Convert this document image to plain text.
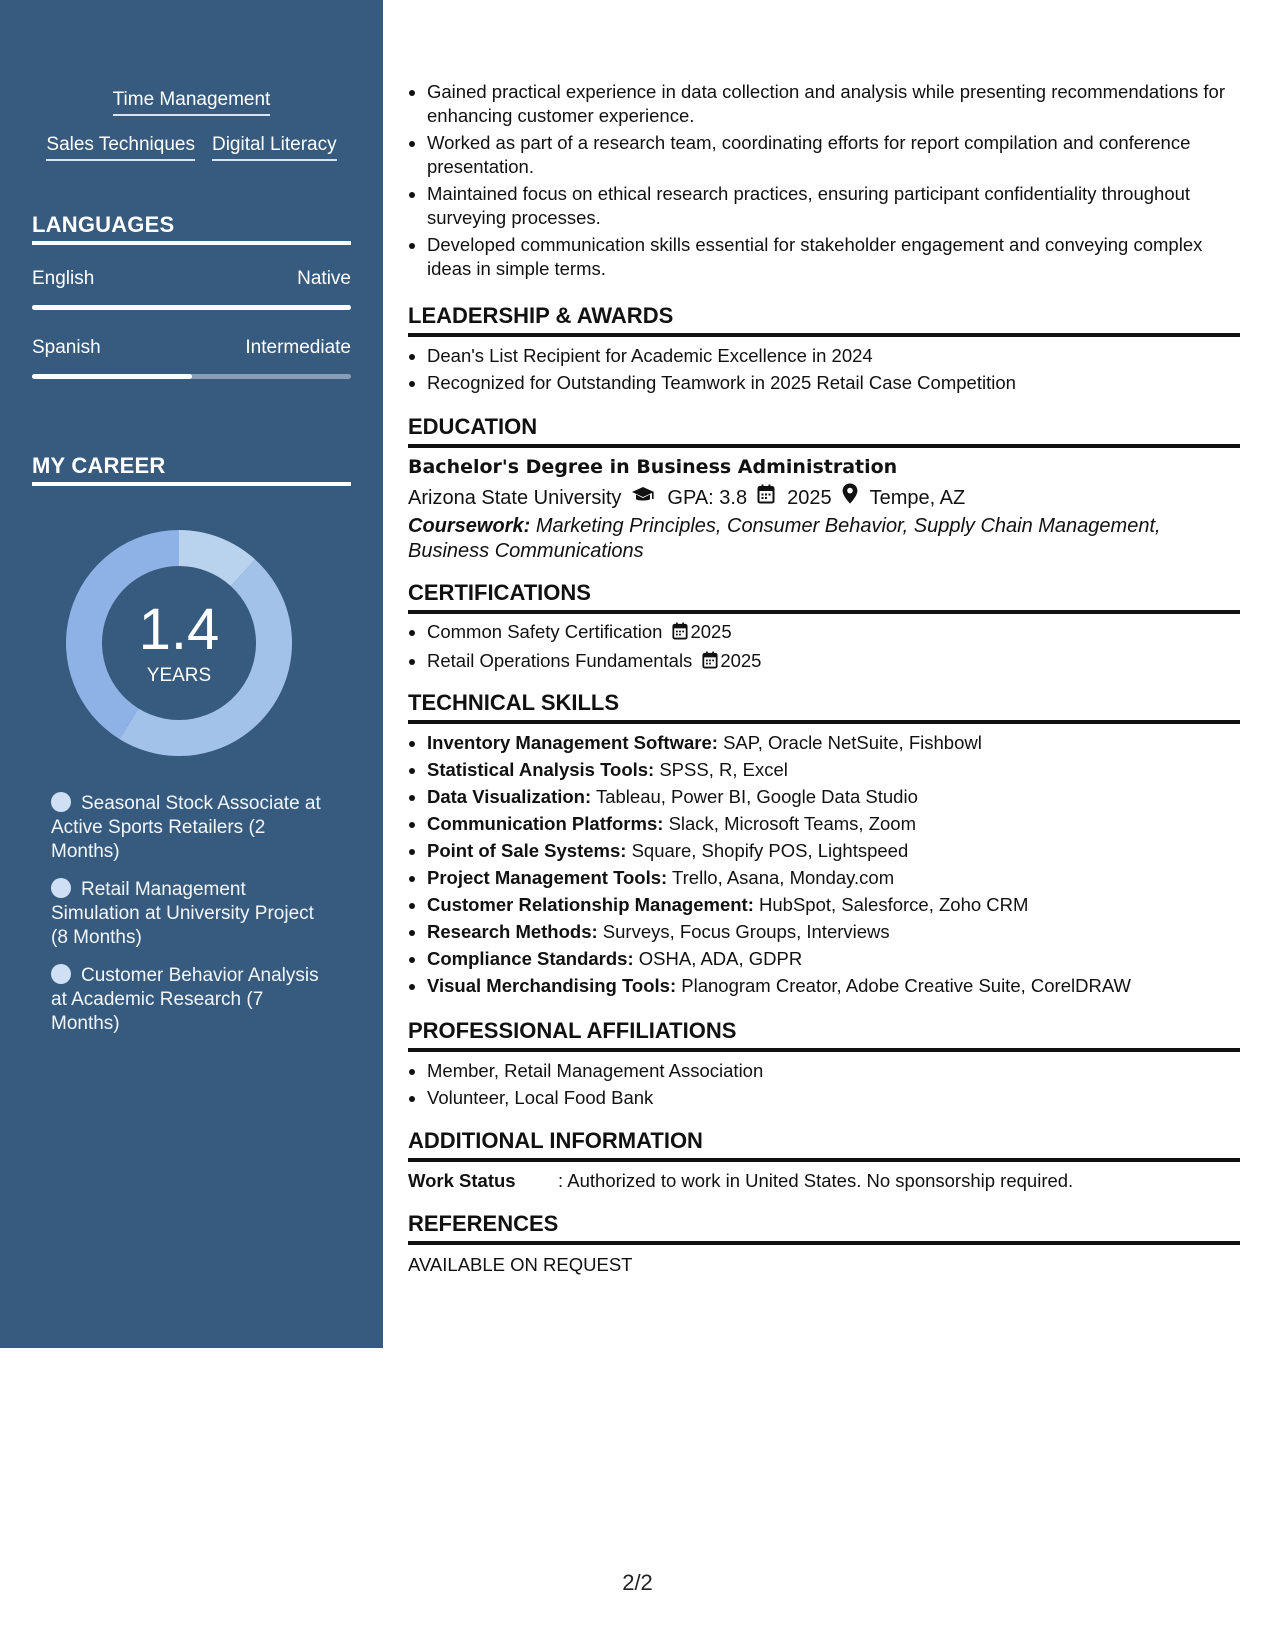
Time Management
Sales Techniques Digital Literacy
LANGUAGES
English	Native
Spanish	Intermediate
MY CAREER
1.4
YEARS
Seasonal Stock Associate at Active Sports Retailers (2 Months)
Retail Management Simulation at University Project (8 Months)
Customer Behavior Analysis at Academic Research (7 Months)
• Gained practical experience in data collection and analysis while presenting recommendations for enhancing customer experience.
• Worked as part of a research team, coordinating efforts for report compilation and conference presentation.
• Maintained focus on ethical research practices, ensuring participant confidentiality throughout surveying processes.
• Developed communication skills essential for stakeholder engagement and conveying complex ideas in simple terms.
LEADERSHIP & AWARDS
• Dean's List Recipient for Academic Excellence in 2024
• Recognized for Outstanding Teamwork in 2025 Retail Case Competition
EDUCATION
Bachelor's Degree in Business Administration
Arizona State University GPA: 3.8 2025 Tempe, AZ
Coursework: Marketing Principles, Consumer Behavior, Supply Chain Management, Business Communications
CERTIFICATIONS
• Common Safety Certification 2025
• Retail Operations Fundamentals 2025
TECHNICAL SKILLS
• Inventory Management Software: SAP, Oracle NetSuite, Fishbowl
• Statistical Analysis Tools: SPSS, R, Excel
• Data Visualization: Tableau, Power BI, Google Data Studio
• Communication Platforms: Slack, Microsoft Teams, Zoom
• Point of Sale Systems: Square, Shopify POS, Lightspeed
• Project Management Tools: Trello, Asana, Monday.com
• Customer Relationship Management: HubSpot, Salesforce, Zoho CRM
• Research Methods: Surveys, Focus Groups, Interviews
• Compliance Standards: OSHA, ADA, GDPR
• Visual Merchandising Tools: Planogram Creator, Adobe Creative Suite, CorelDRAW
PROFESSIONAL AFFILIATIONS
• Member, Retail Management Association
• Volunteer, Local Food Bank
ADDITIONAL INFORMATION
Work Status	: Authorized to work in United States. No sponsorship required.
REFERENCES
AVAILABLE ON REQUEST
2/2
